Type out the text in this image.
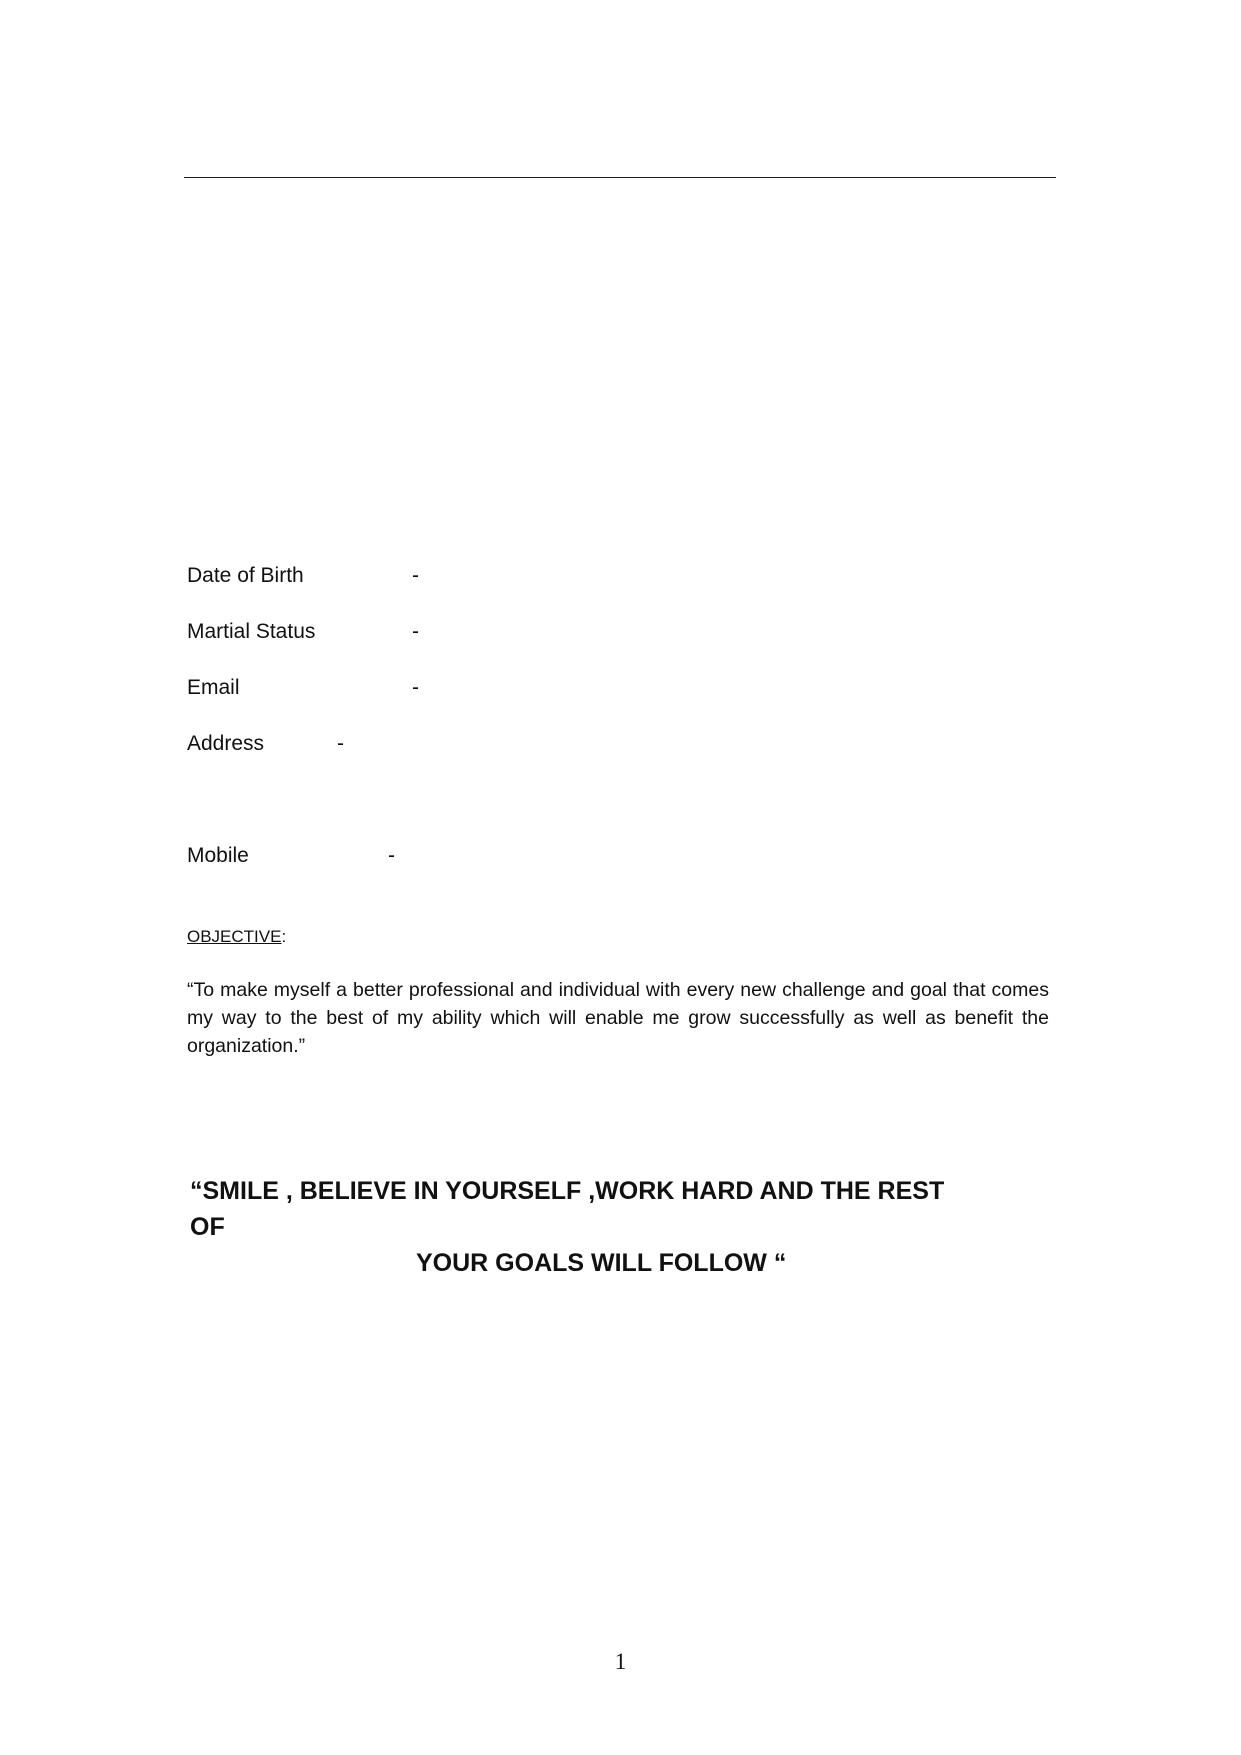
Date of Birth	-
Martial Status	-
Email	-
Address	-
Mobile	-
OBJECTIVE:
“To make myself a better professional and individual with every new challenge and goal that comes my way to the best of my ability which will enable me grow successfully as well as benefit the organization.”
“SMILE , BELIEVE IN YOURSELF ,WORK HARD AND THE REST OF
YOUR GOALS WILL FOLLOW “
1
